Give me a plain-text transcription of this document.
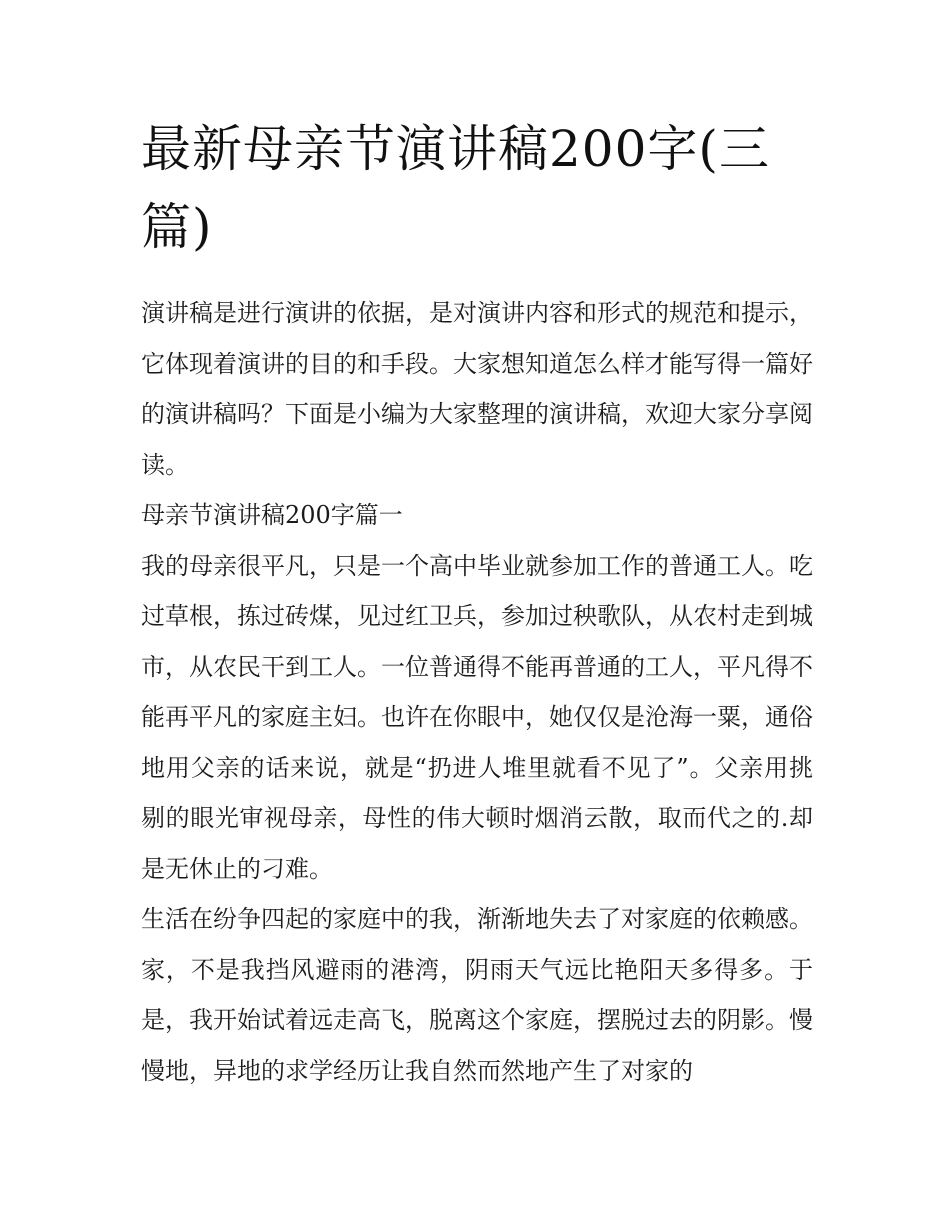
最新母亲节演讲稿200字(三篇)

演讲稿是进行演讲的依据，是对演讲内容和形式的规范和提示，它体现着演讲的目的和手段。大家想知道怎么样才能写得一篇好的演讲稿吗？下面是小编为大家整理的演讲稿，欢迎大家分享阅读。

母亲节演讲稿200字篇一

我的母亲很平凡，只是一个高中毕业就参加工作的普通工人。吃过草根，拣过砖煤，见过红卫兵，参加过秧歌队，从农村走到城市，从农民干到工人。一位普通得不能再普通的工人，平凡得不能再平凡的家庭主妇。也许在你眼中，她仅仅是沧海一粟，通俗地用父亲的话来说，就是“扔进人堆里就看不见了”。父亲用挑剔的眼光审视母亲，母性的伟大顿时烟消云散，取而代之的.却是无休止的刁难。

生活在纷争四起的家庭中的我，渐渐地失去了对家庭的依赖感。家，不是我挡风避雨的港湾，阴雨天气远比艳阳天多得多。于是，我开始试着远走高飞，脱离这个家庭，摆脱过去的阴影。慢慢地，异地的求学经历让我自然而然地产生了对家的
